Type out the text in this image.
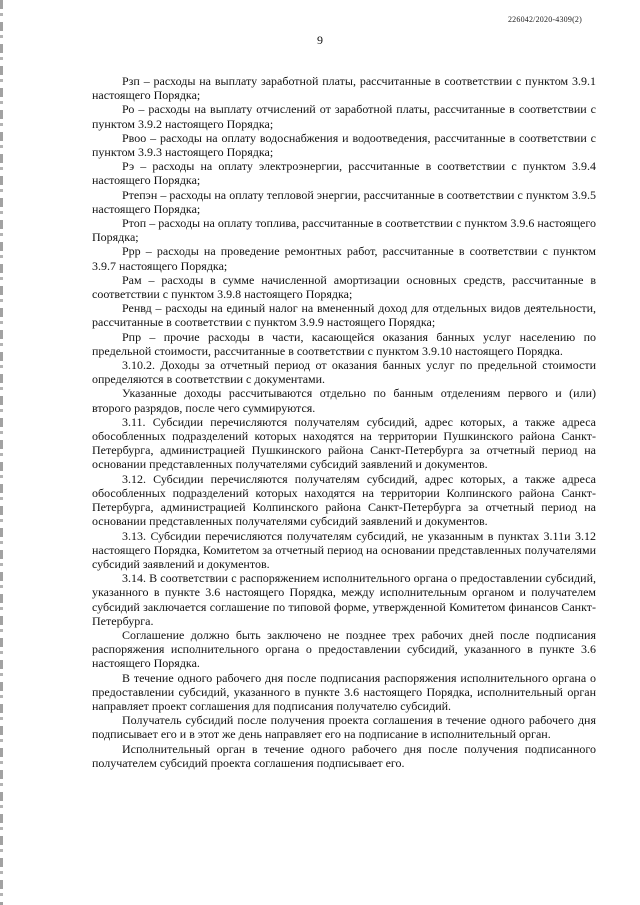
226042/2020-4309(2)
9

Рзп – расходы на выплату заработной платы, рассчитанные в соответствии с пунктом 3.9.1 настоящего Порядка;

Ро – расходы на выплату отчислений от заработной платы, рассчитанные в соответствии с пунктом 3.9.2 настоящего Порядка;

Рвоо – расходы на оплату водоснабжения и водоотведения, рассчитанные в соответствии с пунктом 3.9.3 настоящего Порядка;

Рэ – расходы на оплату электроэнергии, рассчитанные в соответствии с пунктом 3.9.4 настоящего Порядка;

Ртепэн – расходы на оплату тепловой энергии, рассчитанные в соответствии с пунктом 3.9.5 настоящего Порядка;

Ртоп – расходы на оплату топлива, рассчитанные в соответствии с пунктом 3.9.6 настоящего Порядка;

Ррр – расходы на проведение ремонтных работ, рассчитанные в соответствии с пунктом 3.9.7 настоящего Порядка;

Рам – расходы в сумме начисленной амортизации основных средств, рассчитанные в соответствии с пунктом 3.9.8 настоящего Порядка;

Ренвд – расходы на единый налог на вмененный доход для отдельных видов деятельности, рассчитанные в соответствии с пунктом 3.9.9 настоящего Порядка;

Рпр – прочие расходы в части, касающейся оказания банных услуг населению по предельной стоимости, рассчитанные в соответствии с пунктом 3.9.10 настоящего Порядка.

3.10.2. Доходы за отчетный период от оказания банных услуг по предельной стоимости определяются в соответствии с документами.

Указанные доходы рассчитываются отдельно по банным отделениям первого и (или) второго разрядов, после чего суммируются.

3.11. Субсидии перечисляются получателям субсидий, адрес которых, а также адреса обособленных подразделений которых находятся на территории Пушкинского района Санкт-Петербурга, администрацией Пушкинского района Санкт-Петербурга за отчетный период на основании представленных получателями субсидий заявлений и документов.

3.12. Субсидии перечисляются получателям субсидий, адрес которых, а также адреса обособленных подразделений которых находятся на территории Колпинского района Санкт-Петербурга, администрацией Колпинского района Санкт-Петербурга за отчетный период на основании представленных получателями субсидий заявлений и документов.

3.13. Субсидии перечисляются получателям субсидий, не указанным в пунктах 3.11и 3.12 настоящего Порядка, Комитетом за отчетный период на основании представленных получателями субсидий заявлений и документов.

3.14. В соответствии с распоряжением исполнительного органа о предоставлении субсидий, указанного в пункте 3.6 настоящего Порядка, между исполнительным органом и получателем субсидий заключается соглашение по типовой форме, утвержденной Комитетом финансов Санкт-Петербурга.

Соглашение должно быть заключено не позднее трех рабочих дней после подписания распоряжения исполнительного органа о предоставлении субсидий, указанного в пункте 3.6 настоящего Порядка.

В течение одного рабочего дня после подписания распоряжения исполнительного органа о предоставлении субсидий, указанного в пункте 3.6 настоящего Порядка, исполнительный орган направляет проект соглашения для подписания получателю субсидий.

Получатель субсидий после получения проекта соглашения в течение одного рабочего дня подписывает его и в этот же день направляет его на подписание в исполнительный орган.

Исполнительный орган в течение одного рабочего дня после получения подписанного получателем субсидий проекта соглашения подписывает его.
